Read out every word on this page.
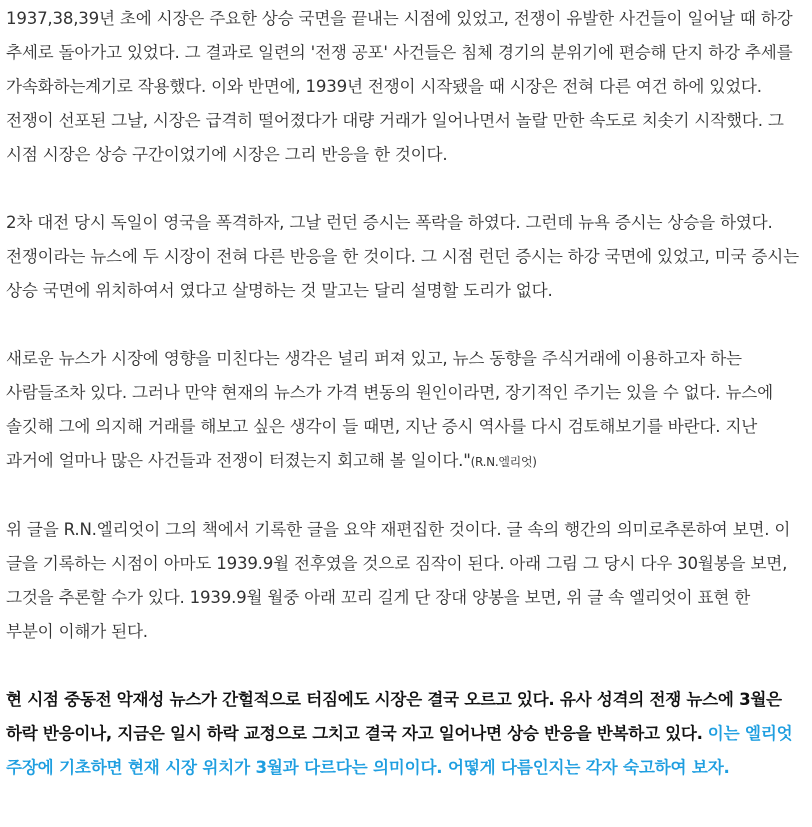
1937,38,39년 초에 시장은 주요한 상승 국면을 끝내는 시점에 있었고, 전쟁이 유발한 사건들이 일어날 때 하강 추세로 돌아가고 있었다. 그 결과로 일련의 '전쟁 공포' 사건들은 침체 경기의 분위기에 편승해 단지 하강 추세를 가속화하는계기로 작용했다. 이와 반면에, 1939년 전쟁이 시작됐을 때 시장은 전혀 다른 여건 하에 있었다. 전쟁이 선포된 그날, 시장은 급격히 떨어졌다가 대량 거래가 일어나면서 놀랄 만한 속도로 치솟기 시작했다. 그 시점 시장은 상승 구간이었기에 시장은 그리 반응을 한 것이다.

2차 대전 당시 독일이 영국을 폭격하자, 그날 런던 증시는 폭락을 하였다. 그런데 뉴욕 증시는 상승을 하였다. 전쟁이라는 뉴스에 두 시장이 전혀 다른 반응을 한 것이다. 그 시점 런던 증시는 하강 국면에 있었고, 미국 증시는 상승 국면에 위치하여서 였다고 살명하는 것 말고는 달리 설명할 도리가 없다.

새로운 뉴스가 시장에 영향을 미친다는 생각은 널리 퍼져 있고, 뉴스 동향을 주식거래에 이용하고자 하는 사람들조차 있다. 그러나 만약 현재의 뉴스가 가격 변동의 원인이라면, 장기적인 주기는 있을 수 없다. 뉴스에 솔깃해 그에 의지해 거래를 해보고 싶은 생각이 들 때면, 지난 증시 역사를 다시 검토해보기를 바란다. 지난 과거에 얼마나 많은 사건들과 전쟁이 터졌는지 회고해 볼 일이다."(R.N.엘리엇)

위 글을 R.N.엘리엇이 그의 책에서 기록한 글을 요약 재편집한 것이다. 글 속의 행간의 의미로추론하여 보면. 이 글을 기록하는 시점이 아마도 1939.9월 전후였을 것으로 짐작이 된다. 아래 그림 그 당시 다우 30월봉을 보면, 그것을 추론할 수가 있다. 1939.9월 월중 아래 꼬리 길게 단 장대 양봉을 보면, 위 글 속 엘리엇이 표현 한 부분이 이해가 된다.

현 시점 중동전 악재성 뉴스가 간헐적으로 터짐에도 시장은 결국 오르고 있다. 유사 성격의 전쟁 뉴스에 3월은 하락 반응이나, 지금은 일시 하락 교정으로 그치고 결국 자고 일어나면 상승 반응을 반복하고 있다. 이는 엘리엇 주장에 기초하면 현재 시장 위치가 3월과 다르다는 의미이다. 어떻게 다름인지는 각자 숙고하여 보자.
